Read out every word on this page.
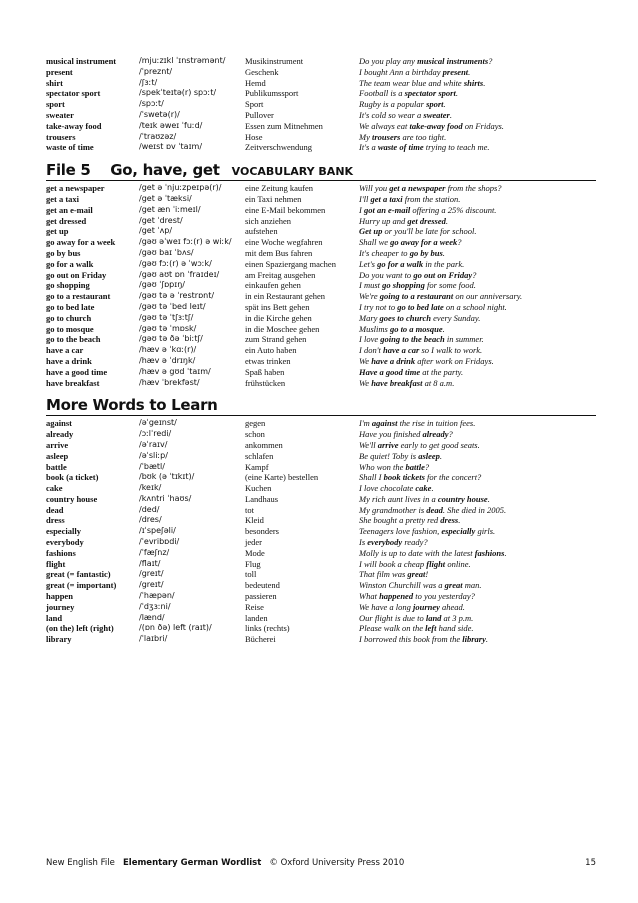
musical instrument	/mjuːzɪkl ˈɪnstrəmənt/	Musikinstrument	Do you play any musical instruments?
present	/ˈpreznt/	Geschenk	I bought Ann a birthday present.
shirt	/ʃɜːt/	Hemd	The team wear blue and white shirts.
spectator sport	/spekˈteɪtə(r) spɔːt/	Publikumssport	Football is a spectator sport.
sport	/spɔːt/	Sport	Rugby is a popular sport.
sweater	/ˈswetə(r)/	Pullover	It's cold so wear a sweater.
take-away food	/teɪk əweɪ ˈfuːd/	Essen zum Mitnehmen	We always eat take-away food on Fridays.
trousers	/ˈtraʊzəz/	Hose	My trousers are too tight.
waste of time	/weɪst ɒv ˈtaɪm/	Zeitverschwendung	It's a waste of time trying to teach me.
File 5    Go, have, get VOCABULARY BANK
get a newspaper	/get ə ˈnjuːzpeɪpə(r)/	eine Zeitung kaufen	Will you get a newspaper from the shops?
get a taxi	/get ə ˈtæksi/	ein Taxi nehmen	I'll get a taxi from the station.
get an e-mail	/get æn ˈiːmeɪl/	eine E-Mail bekommen	I got an e-mail offering a 25% discount.
get dressed	/get ˈdrest/	sich anziehen	Hurry up and get dressed.
get up	/get ˈʌp/	aufstehen	Get up or you'll be late for school.
go away for a week	/gəʊ əˈweɪ fɔː(r) ə wiːk/	eine Woche wegfahren	Shall we go away for a week?
go by bus	/gəʊ baɪ ˈbʌs/	mit dem Bus fahren	It's cheaper to go by bus.
go for a walk	/gəʊ fɔː(r) ə ˈwɔːk/	einen Spaziergang machen	Let's go for a walk in the park.
go out on Friday	/gəʊ aʊt ɒn ˈfraɪdeɪ/	am Freitag ausgehen	Do you want to go out on Friday?
go shopping	/gəʊ ˈʃɒpɪŋ/	einkaufen gehen	I must go shopping for some food.
go to a restaurant	/gəʊ tə ə ˈrestrɒnt/	in ein Restaurant gehen	We're going to a restaurant on our anniversary.
go to bed late	/gəʊ tə ˈbed leɪt/	spät ins Bett gehen	I try not to go to bed late on a school night.
go to church	/gəʊ tə ˈtʃɜːtʃ/	in die Kirche gehen	Mary goes to church every Sunday.
go to mosque	/gəʊ tə ˈmɒsk/	in die Moschee gehen	Muslims go to a mosque.
go to the beach	/gəʊ tə ðə ˈbiːtʃ/	zum Strand gehen	I love going to the beach in summer.
have a car	/hæv ə ˈkɑː(r)/	ein Auto haben	I don't have a car so I walk to work.
have a drink	/hæv ə ˈdrɪŋk/	etwas trinken	We have a drink after work on Fridays.
have a good time	/hæv ə gʊd ˈtaɪm/	Spaß haben	Have a good time at the party.
have breakfast	/hæv ˈbrekfəst/	frühstücken	We have breakfast at 8 a.m.
More Words to Learn
against	/əˈgeɪnst/	gegen	I'm against the rise in tuition fees.
already	/ɔːlˈredi/	schon	Have you finished already?
arrive	/əˈraɪv/	ankommen	We'll arrive early to get good seats.
asleep	/əˈsliːp/	schlafen	Be quiet! Toby is asleep.
battle	/ˈbætl/	Kampf	Who won the battle?
book (a ticket)	/bʊk (ə ˈtɪkɪt)/	(eine Karte) bestellen	Shall I book tickets for the concert?
cake	/keɪk/	Kuchen	I love chocolate cake.
country house	/kʌntri ˈhaʊs/	Landhaus	My rich aunt lives in a country house.
dead	/ded/	tot	My grandmother is dead. She died in 2005.
dress	/dres/	Kleid	She bought a pretty red dress.
especially	/ɪˈspeʃəli/	besonders	Teenagers love fashion, especially girls.
everybody	/ˈevribɒdi/	jeder	Is everybody ready?
fashions	/ˈfæʃnz/	Mode	Molly is up to date with the latest fashions.
flight	/flaɪt/	Flug	I will book a cheap flight online.
great (= fantastic)	/greɪt/	toll	That film was great!
great (= important)	/greɪt/	bedeutend	Winston Churchill was a great man.
happen	/ˈhæpən/	passieren	What happened to you yesterday?
journey	/ˈdʒɜːni/	Reise	We have a long journey ahead.
land	/lænd/	landen	Our flight is due to land at 3 p.m.
(on the) left (right)	/(ɒn ðə) left (raɪt)/	links (rechts)	Please walk on the left hand side.
library	/ˈlaɪbri/	Bücherei	I borrowed this book from the library.
New English File Elementary German Wordlist © Oxford University Press 2010	15
